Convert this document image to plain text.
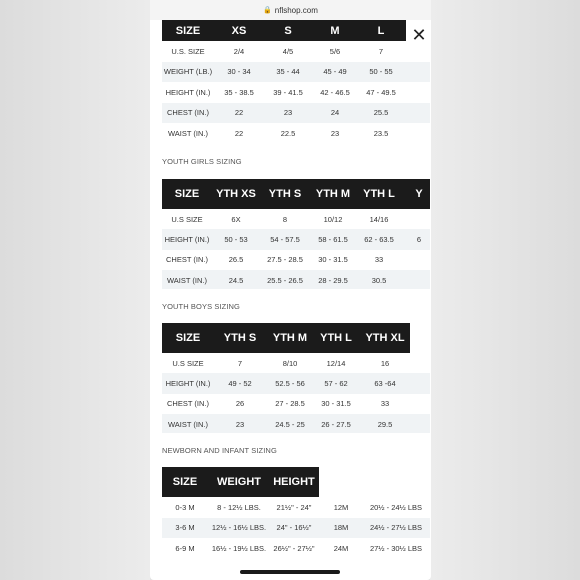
🔒 nflshop.com
SIZE	XS	S	M	L
U.S. SIZE	2/4	4/5	5/6	7
WEIGHT (LB.)	30 - 34	35 - 44	45 - 49	50 - 55
HEIGHT (IN.)	35 - 38.5	39 - 41.5	42 - 46.5	47 - 49.5
CHEST (IN.)	22	23	24	25.5
WAIST (IN.)	22	22.5	23	23.5
YOUTH GIRLS SIZING
SIZE	YTH XS	YTH S	YTH M	YTH L	Y
U.S SIZE	6X	8	10/12	14/16
HEIGHT (IN.)	50 - 53	54 - 57.5	58 - 61.5	62 - 63.5	6
CHEST (IN.)	26.5	27.5 - 28.5	30 - 31.5	33
WAIST (IN.)	24.5	25.5 - 26.5	28 - 29.5	30.5
YOUTH BOYS SIZING
SIZE	YTH S	YTH M	YTH L	YTH XL
U.S SIZE	7	8/10	12/14	16
HEIGHT (IN.)	49 - 52	52.5 - 56	57 - 62	63 -64
CHEST (IN.)	26	27 - 28.5	30 - 31.5	33
WAIST (IN.)	23	24.5 - 25	26 - 27.5	29.5
NEWBORN AND INFANT SIZING
SIZE	WEIGHT	HEIGHT
0-3 M	8 - 12½ LBS.	21½" - 24"	12M	20½ - 24½ LBS
3-6 M	12½ - 16½ LBS.	24" - 16½"	18M	24½ - 27½ LBS
6-9 M	16½ - 19½ LBS. 26½" - 27½"	24M	27½ - 30½ LBS
✕
